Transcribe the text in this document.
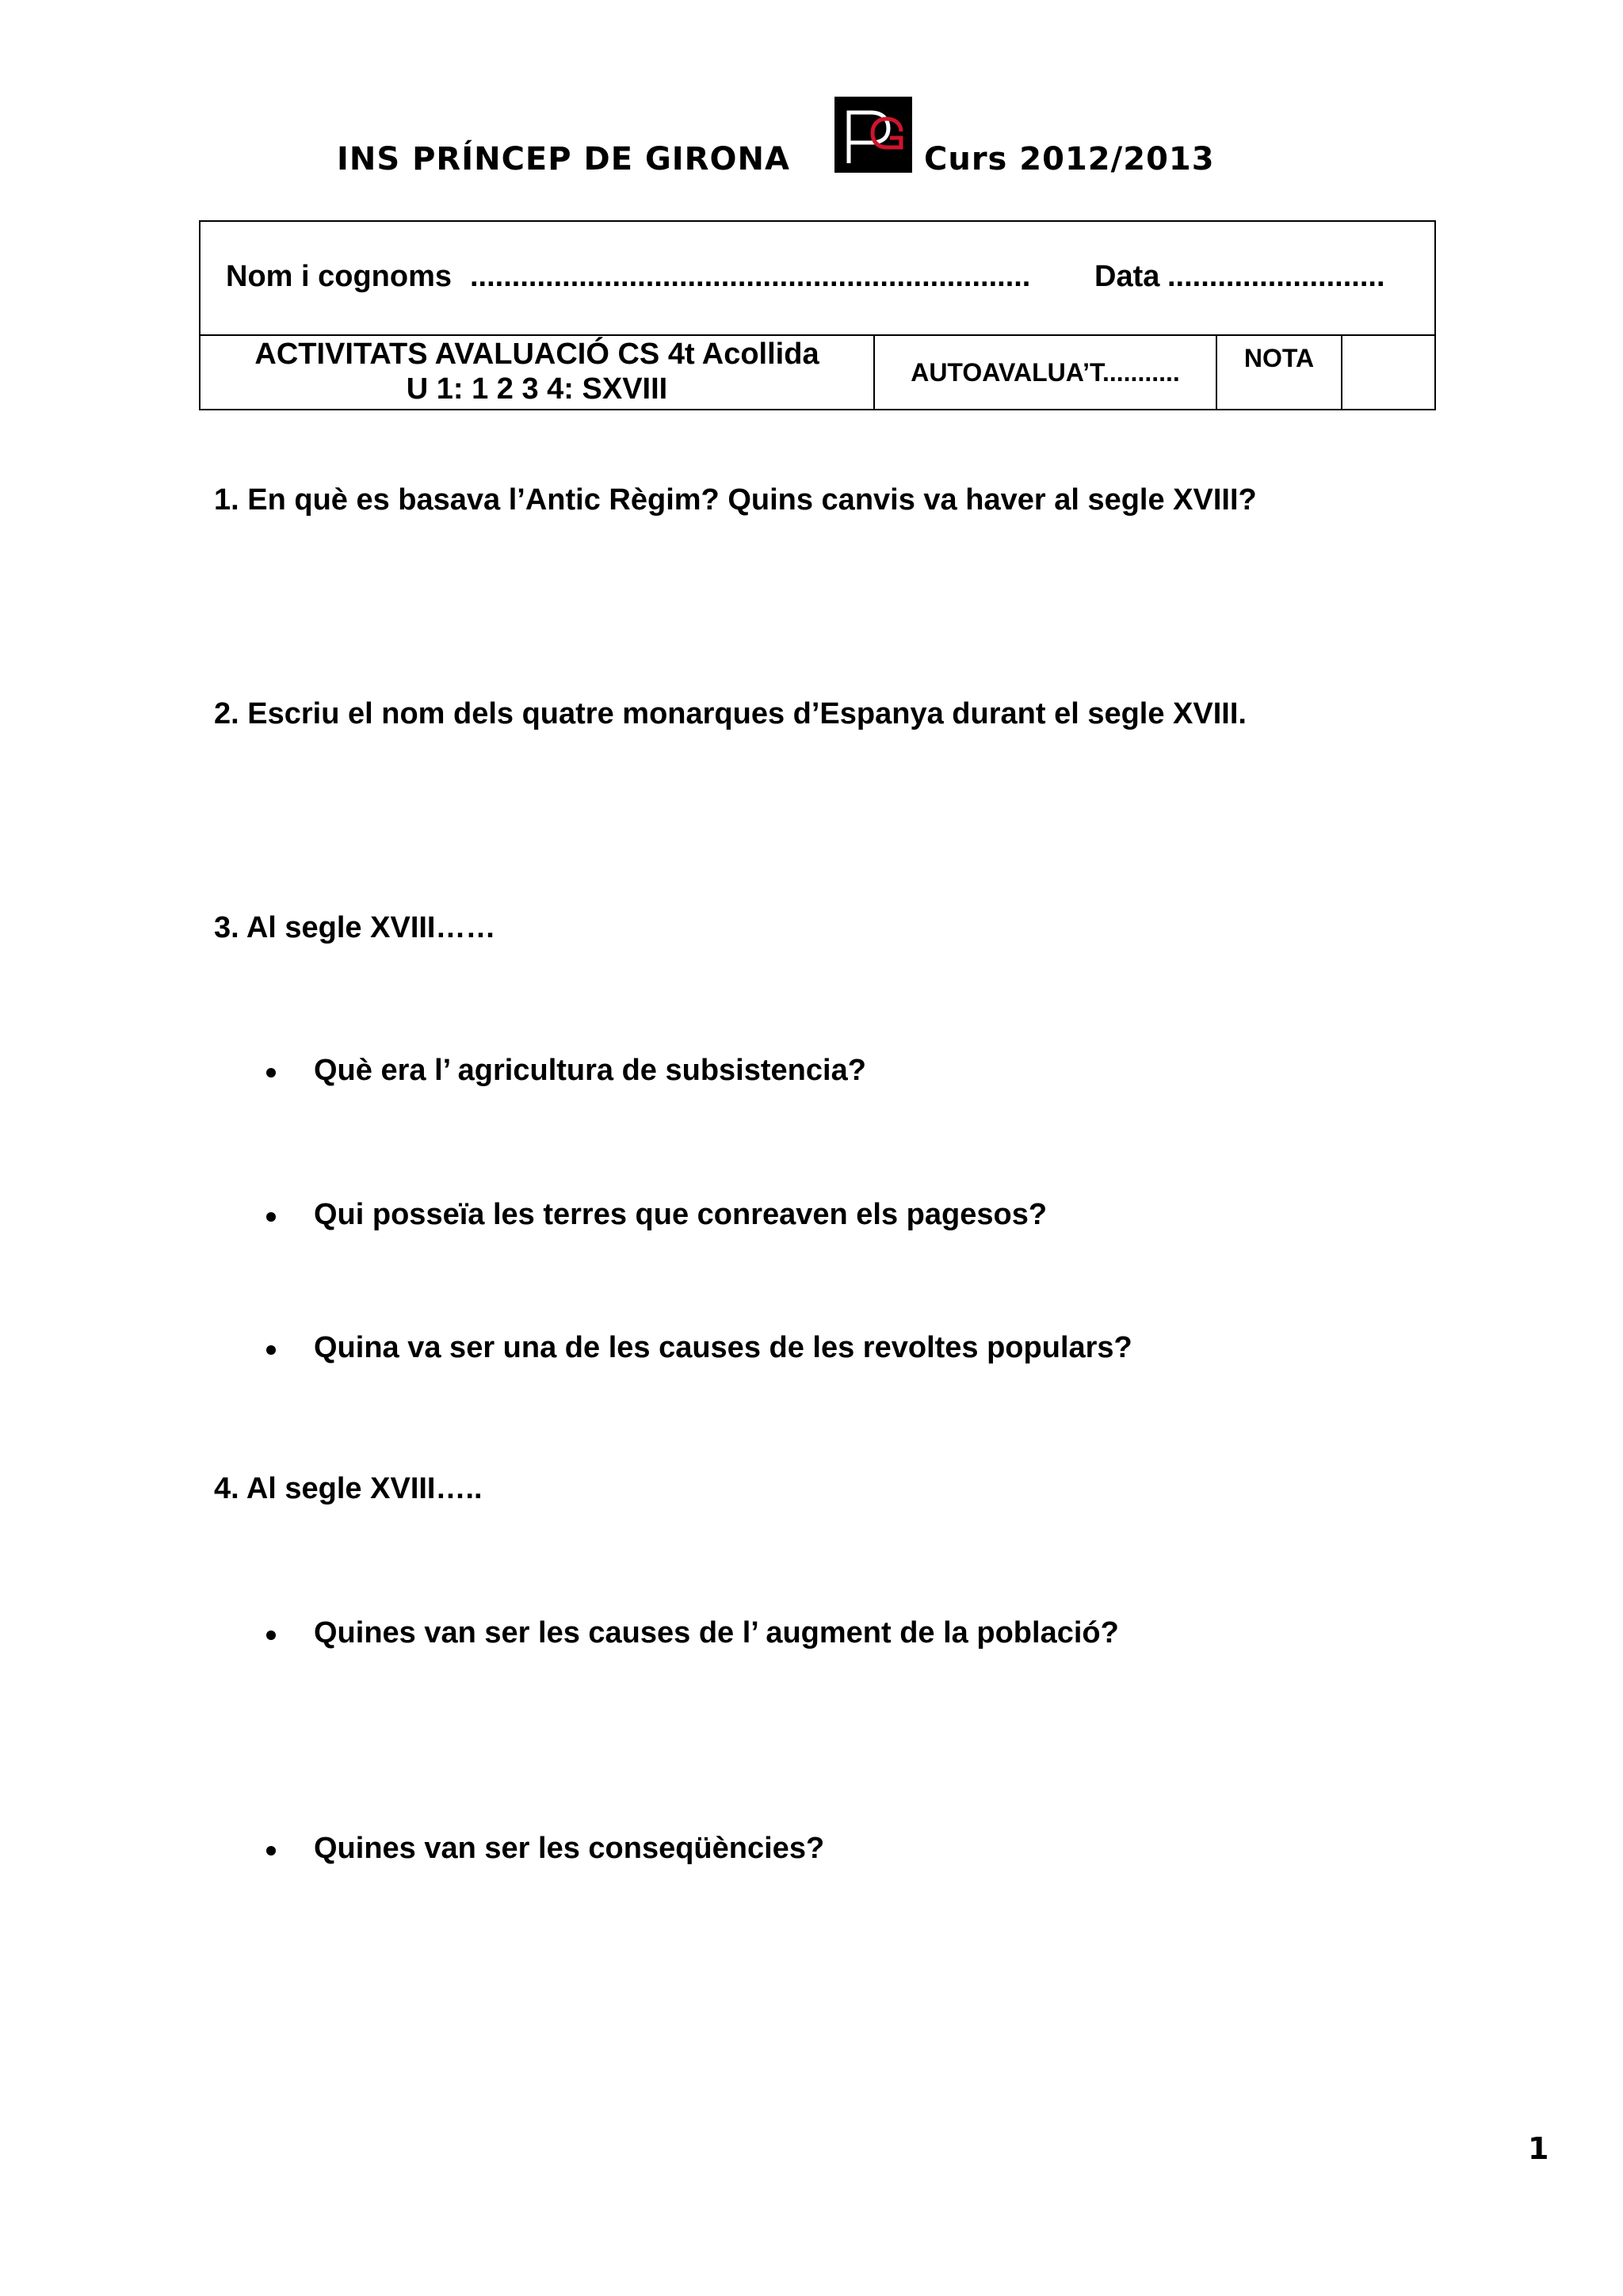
INS PRÍNCEP DE GIRONA	Curs 2012/2013
Nom i cognoms ................................................................... Data ..........................
ACTIVITATS AVALUACIÓ CS 4t Acollida
U 1: 1 2 3 4: SXVIII	AUTOAVALUA’T...........	NOTA
1. En què es basava l’Antic Règim? Quins canvis va haver al segle XVIII?
2. Escriu el nom dels quatre monarques d’Espanya durant el segle XVIII.
3. Al segle XVIII……
Què era l’ agricultura de subsistencia?
Qui posseïa les terres que conreaven els pagesos?
Quina va ser una de les causes de les revoltes populars?
4. Al segle XVIII…..
Quines van ser les causes de l’ augment de la població?
Quines van ser les conseqüències?
1
